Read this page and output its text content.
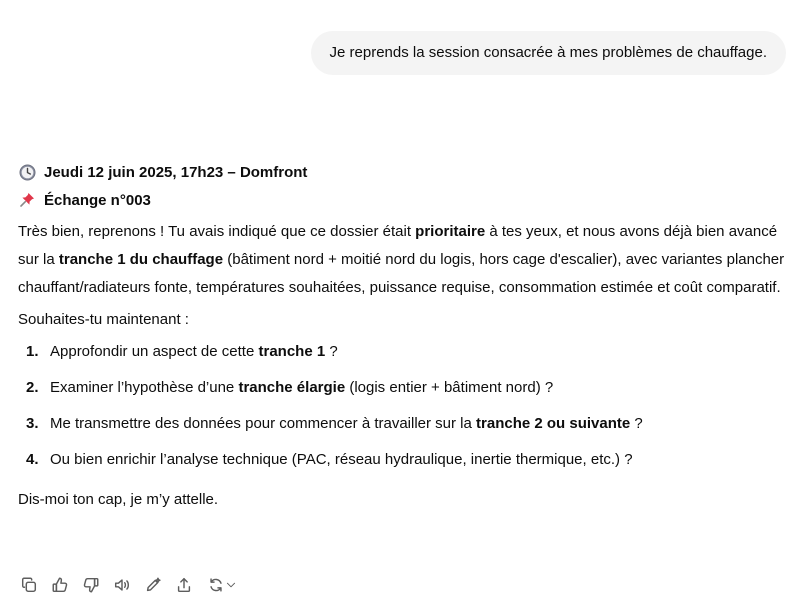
Je reprends la session consacrée à mes problèmes de chauffage.
Jeudi 12 juin 2025, 17h23 – Domfront
Échange n°003

Très bien, reprenons ! Tu avais indiqué que ce dossier était prioritaire à tes yeux, et nous avons déjà bien avancé sur la tranche 1 du chauffage (bâtiment nord + moitié nord du logis, hors cage d'escalier), avec variantes plancher chauffant/radiateurs fonte, températures souhaitées, puissance requise, consommation estimée et coût comparatif.

Souhaites-tu maintenant :

1. Approfondir un aspect de cette tranche 1 ?
2. Examiner l’hypothèse d’une tranche élargie (logis entier + bâtiment nord) ?
3. Me transmettre des données pour commencer à travailler sur la tranche 2 ou suivante ?
4. Ou bien enrichir l’analyse technique (PAC, réseau hydraulique, inertie thermique, etc.) ?

Dis-moi ton cap, je m’y attelle.
